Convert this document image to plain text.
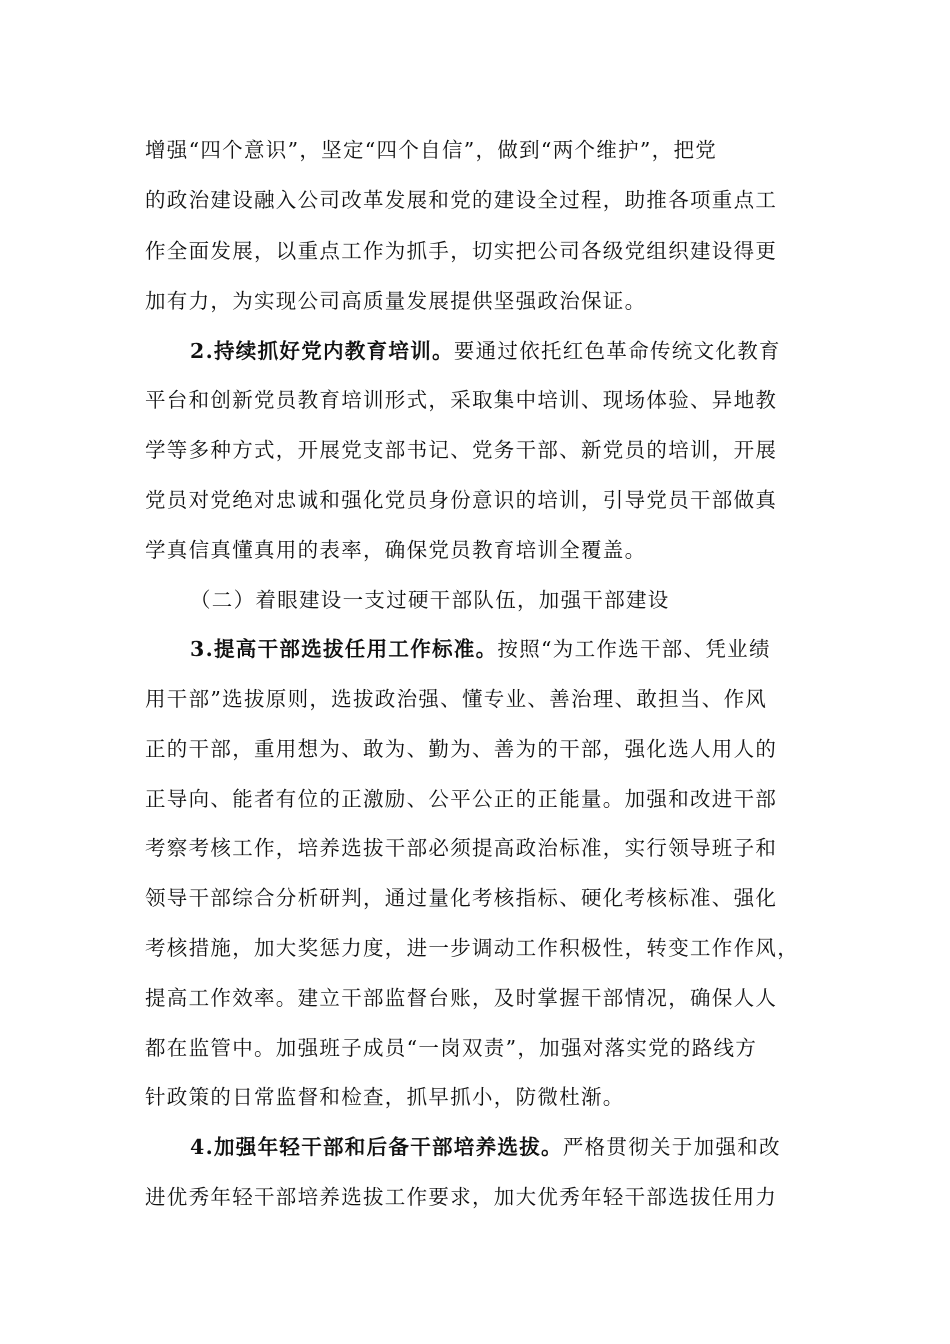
增强“四个意识”，坚定“四个自信”，做到“两个维护”，把党
的政治建设融入公司改革发展和党的建设全过程，助推各项重点工
作全面发展，以重点工作为抓手，切实把公司各级党组织建设得更
加有力，为实现公司高质量发展提供坚强政治保证。
2.持续抓好党内教育培训。要通过依托红色革命传统文化教育
平台和创新党员教育培训形式，采取集中培训、现场体验、异地教
学等多种方式，开展党支部书记、党务干部、新党员的培训，开展
党员对党绝对忠诚和强化党员身份意识的培训，引导党员干部做真
学真信真懂真用的表率，确保党员教育培训全覆盖。
（二）着眼建设一支过硬干部队伍，加强干部建设
3.提高干部选拔任用工作标准。按照“为工作选干部、凭业绩
用干部”选拔原则，选拔政治强、懂专业、善治理、敢担当、作风
正的干部，重用想为、敢为、勤为、善为的干部，强化选人用人的
正导向、能者有位的正激励、公平公正的正能量。加强和改进干部
考察考核工作，培养选拔干部必须提高政治标准，实行领导班子和
领导干部综合分析研判，通过量化考核指标、硬化考核标准、强化
考核措施，加大奖惩力度，进一步调动工作积极性，转变工作作风，
提高工作效率。建立干部监督台账，及时掌握干部情况，确保人人
都在监管中。加强班子成员“一岗双责”，加强对落实党的路线方
针政策的日常监督和检查，抓早抓小，防微杜渐。
4.加强年轻干部和后备干部培养选拔。严格贯彻关于加强和改
进优秀年轻干部培养选拔工作要求，加大优秀年轻干部选拔任用力
